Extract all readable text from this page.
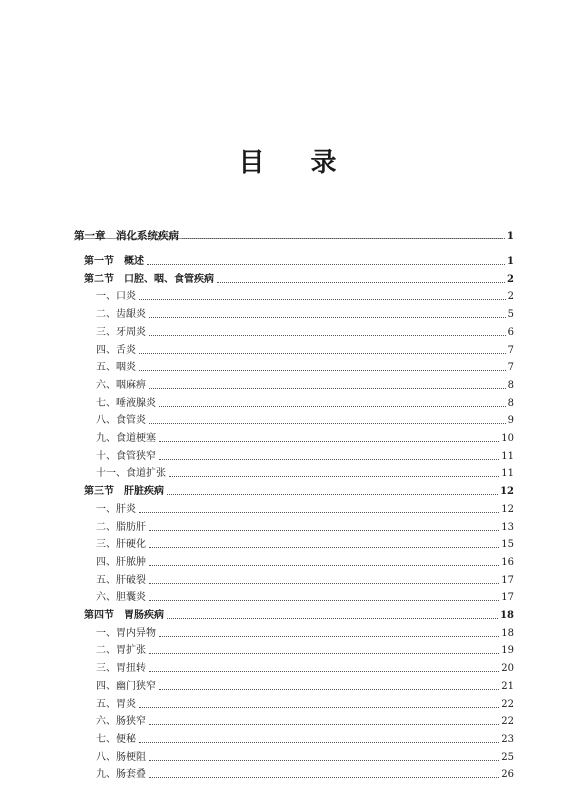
目 录
第一章　消化系统疾病	1
第一节　概述	1
第二节　口腔、咽、食管疾病	2
一、口炎	2
二、齿龈炎	5
三、牙周炎	6
四、舌炎	7
五、咽炎	7
六、咽麻痹	8
七、唾液腺炎	8
八、食管炎	9
九、食道梗塞	10
十、食管狭窄	11
十一、食道扩张	11
第三节　肝脏疾病	12
一、肝炎	12
二、脂肪肝	13
三、肝硬化	15
四、肝脓肿	16
五、肝破裂	17
六、胆囊炎	17
第四节　胃肠疾病	18
一、胃内异物	18
二、胃扩张	19
三、胃扭转	20
四、幽门狭窄	21
五、胃炎	22
六、肠狭窄	22
七、便秘	23
八、肠梗阻	25
九、肠套叠	26
